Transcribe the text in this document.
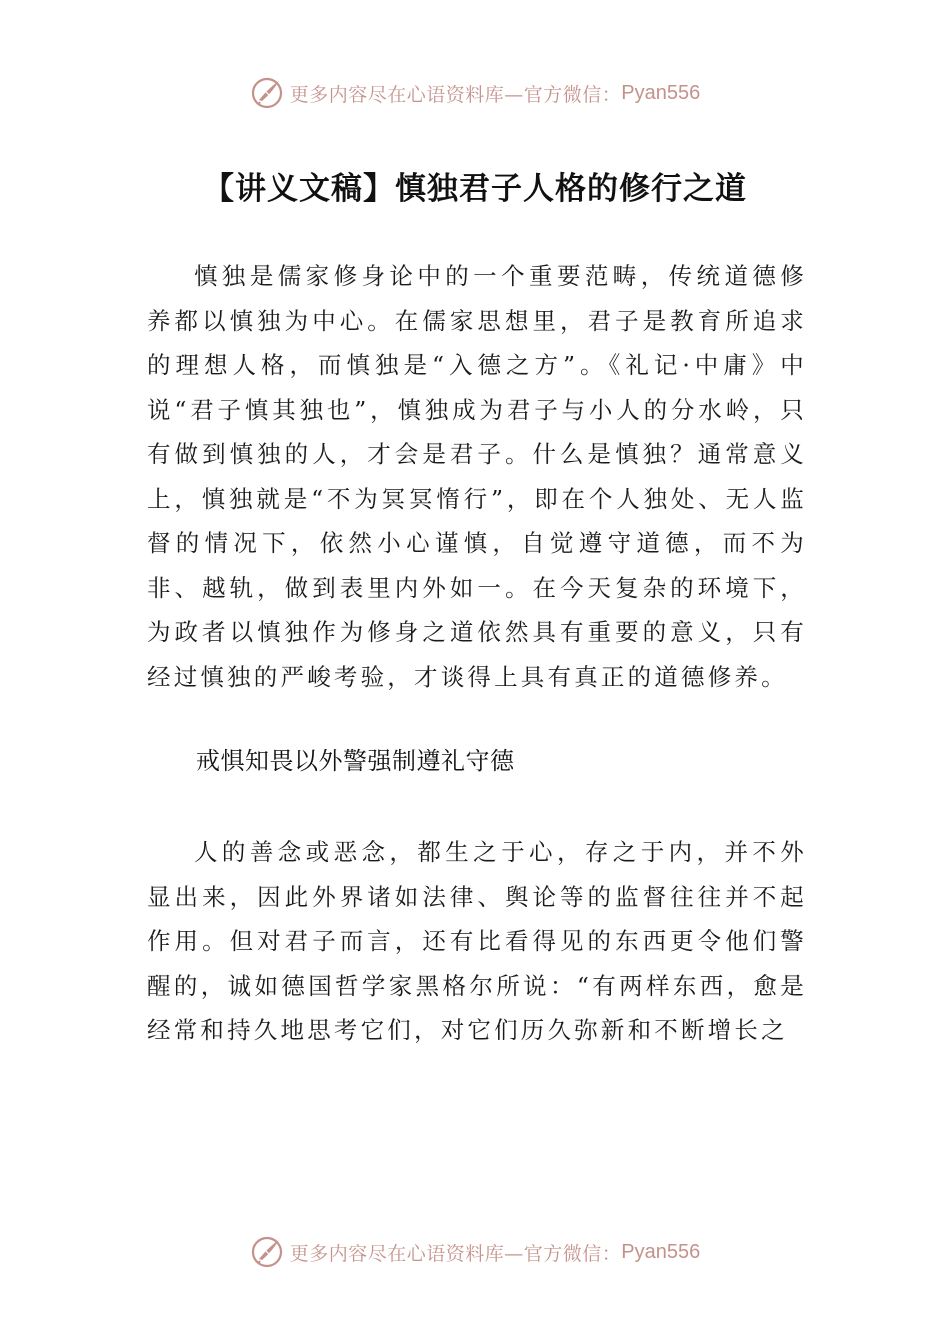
更多内容尽在心语资料库—官方微信： Pyan556
【讲义文稿】慎独君子人格的修行之道

慎独是儒家修身论中的一个重要范畴，传统道德修养都以慎独为中心。在儒家思想里，君子是教育所追求的理想人格，而慎独是“入德之方”。《礼记·中庸》中说“君子慎其独也”，慎独成为君子与小人的分水岭，只有做到慎独的人，才会是君子。什么是慎独？通常意义上，慎独就是“不为冥冥惰行”，即在个人独处、无人监督的情况下，依然小心谨慎，自觉遵守道德，而不为非、越轨，做到表里内外如一。在今天复杂的环境下，为政者以慎独作为修身之道依然具有重要的意义，只有经过慎独的严峻考验，才谈得上具有真正的道德修养。

戒惧知畏以外警强制遵礼守德

人的善念或恶念，都生之于心，存之于内，并不外显出来，因此外界诸如法律、舆论等的监督往往并不起作用。但对君子而言，还有比看得见的东西更令他们警醒的，诚如德国哲学家黑格尔所说：“有两样东西，愈是经常和持久地思考它们，对它们历久弥新和不断增长之

更多内容尽在心语资料库—官方微信： Pyan556
